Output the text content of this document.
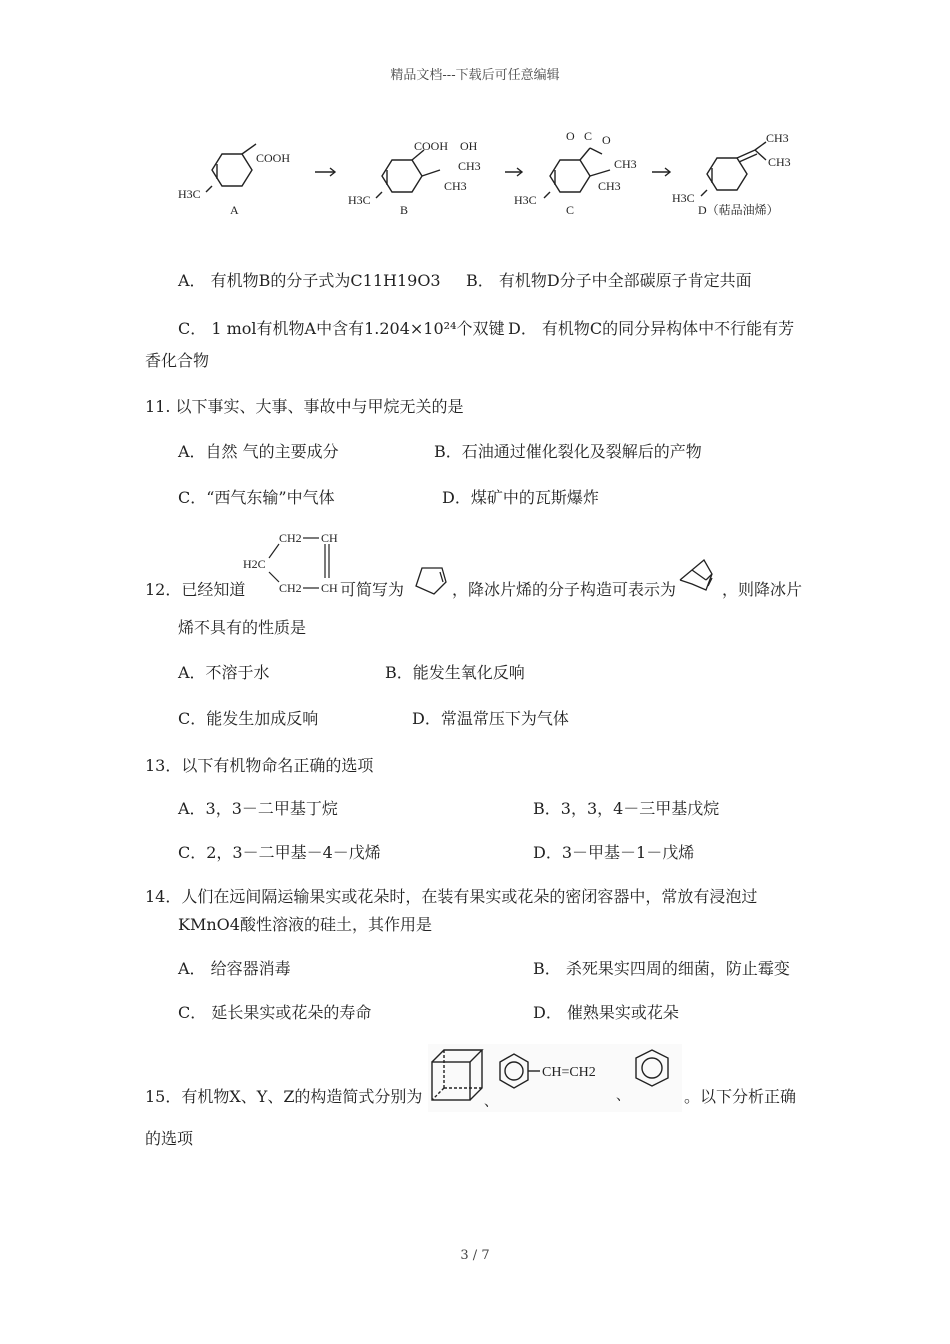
精品文档---下载后可任意编辑
COOH
H3C
A
COOH OH
CH3
CH3
H3C
B
O C O
CH3
CH3
H3C
C
CH3
CH3
H3C
D（萜品油烯）
A． 有机物B的分子式为C11H19O3 B． 有机物D分子中全部碳原子肯定共面
C． 1 mol有机物A中含有1.204×10²⁴个双键 D． 有机物C的同分异构体中不行能有芳
香化合物
11. 以下事实、大事、事故中与甲烷无关的是
A．自然 气的主要成分	B．石油通过催化裂化及裂解后的产物
C．“西气东输”中气体	D．煤矿中的瓦斯爆炸
12．已经知道
CH2 CH
H2C
CH2 CH 可简写为	，降冰片烯的分子构造可表示为	，则降冰片
烯不具有的性质是
A．不溶于水	B．能发生氧化反响
C．能发生加成反响	D．常温常压下为气体
13．以下有机物命名正确的选项
A．3，3－二甲基丁烷	B．3，3，4－三甲基戊烷
C．2，3－二甲基－4－戊烯	D．3－甲基－1－戊烯
14．人们在远间隔运输果实或花朵时，在装有果实或花朵的密闭容器中，常放有浸泡过
KMnO4酸性溶液的硅土，其作用是
A． 给容器消毒	B． 杀死果实四周的细菌，防止霉变
C． 延长果实或花朵的寿命	D． 催熟果实或花朵
15．有机物X、Y、Z的构造简式分别为	、
CH=CH2
、	。以下分析正确
的选项
3 / 7
